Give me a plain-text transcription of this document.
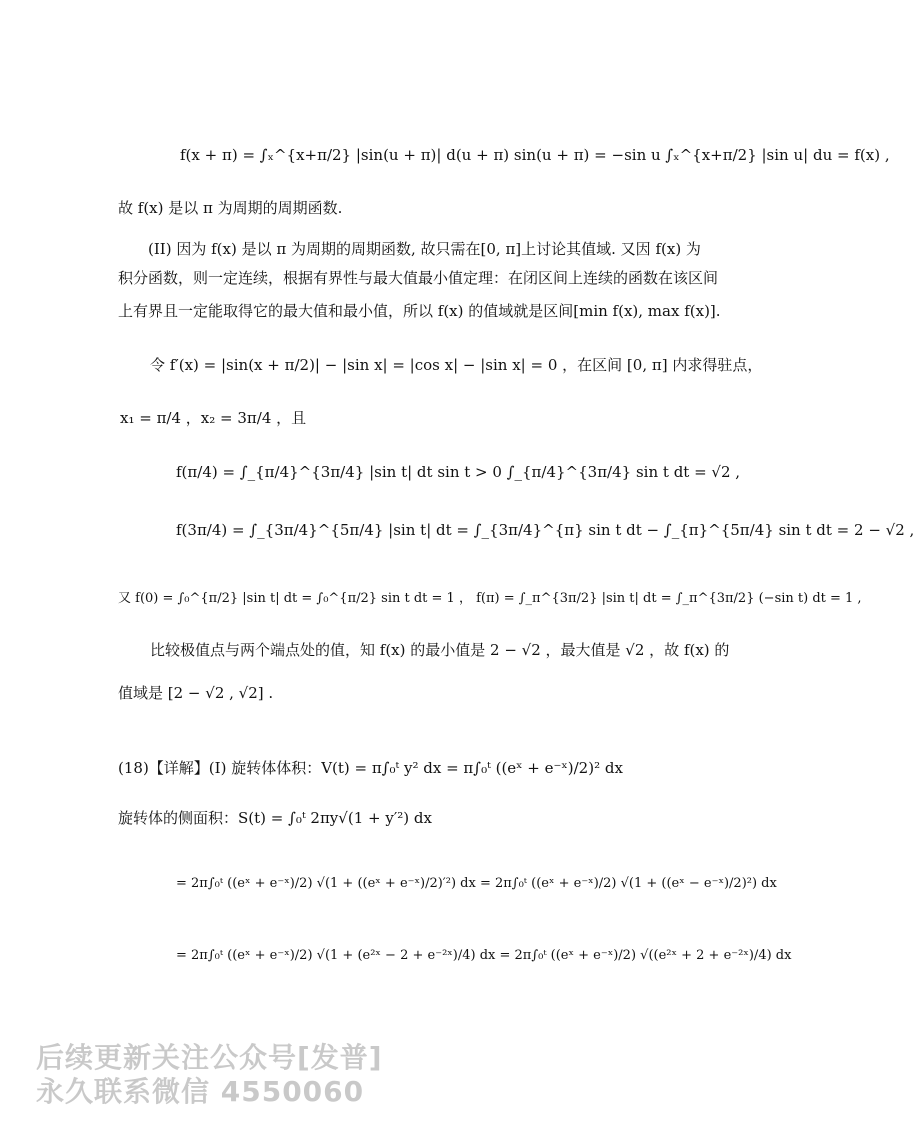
f(x + π) = ∫ₓ^{x+π/2} |sin(u + π)| d(u + π) sin(u + π) = −sin u ∫ₓ^{x+π/2} |sin u| du = f(x) ,
故 f(x) 是以 π 为周期的周期函数.
(II) 因为 f(x) 是以 π 为周期的周期函数, 故只需在[0, π]上讨论其值域. 又因 f(x) 为
积分函数，则一定连续，根据有界性与最大值最小值定理：在闭区间上连续的函数在该区间
上有界且一定能取得它的最大值和最小值，所以 f(x) 的值域就是区间[min f(x), max f(x)].
令 f′(x) = |sin(x + π/2)| − |sin x| = |cos x| − |sin x| = 0 ，在区间 [0, π] 内求得驻点，
x₁ = π/4 ，x₂ = 3π/4 ，且
f(π/4) = ∫_{π/4}^{3π/4} |sin t| dt sin t > 0 ∫_{π/4}^{3π/4} sin t dt = √2 ,
f(3π/4) = ∫_{3π/4}^{5π/4} |sin t| dt = ∫_{3π/4}^{π} sin t dt − ∫_{π}^{5π/4} sin t dt = 2 − √2 ,
又 f(0) = ∫₀^{π/2} |sin t| dt = ∫₀^{π/2} sin t dt = 1 ， f(π) = ∫_π^{3π/2} |sin t| dt = ∫_π^{3π/2} (−sin t) dt = 1 ,
比较极值点与两个端点处的值，知 f(x) 的最小值是 2 − √2 ，最大值是 √2 ，故 f(x) 的
值域是 [2 − √2 , √2] .
(18)【详解】(I) 旋转体体积：V(t) = π∫₀ᵗ y² dx = π∫₀ᵗ ((eˣ + e⁻ˣ)/2)² dx
旋转体的侧面积：S(t) = ∫₀ᵗ 2πy√(1 + y′²) dx
= 2π∫₀ᵗ ((eˣ + e⁻ˣ)/2) √(1 + ((eˣ + e⁻ˣ)/2)′²) dx = 2π∫₀ᵗ ((eˣ + e⁻ˣ)/2) √(1 + ((eˣ − e⁻ˣ)/2)²) dx
= 2π∫₀ᵗ ((eˣ + e⁻ˣ)/2) √(1 + (e²ˣ − 2 + e⁻²ˣ)/4) dx = 2π∫₀ᵗ ((eˣ + e⁻ˣ)/2) √((e²ˣ + 2 + e⁻²ˣ)/4) dx
后续更新关注公众号[发普]
永久联系微信 4550060
